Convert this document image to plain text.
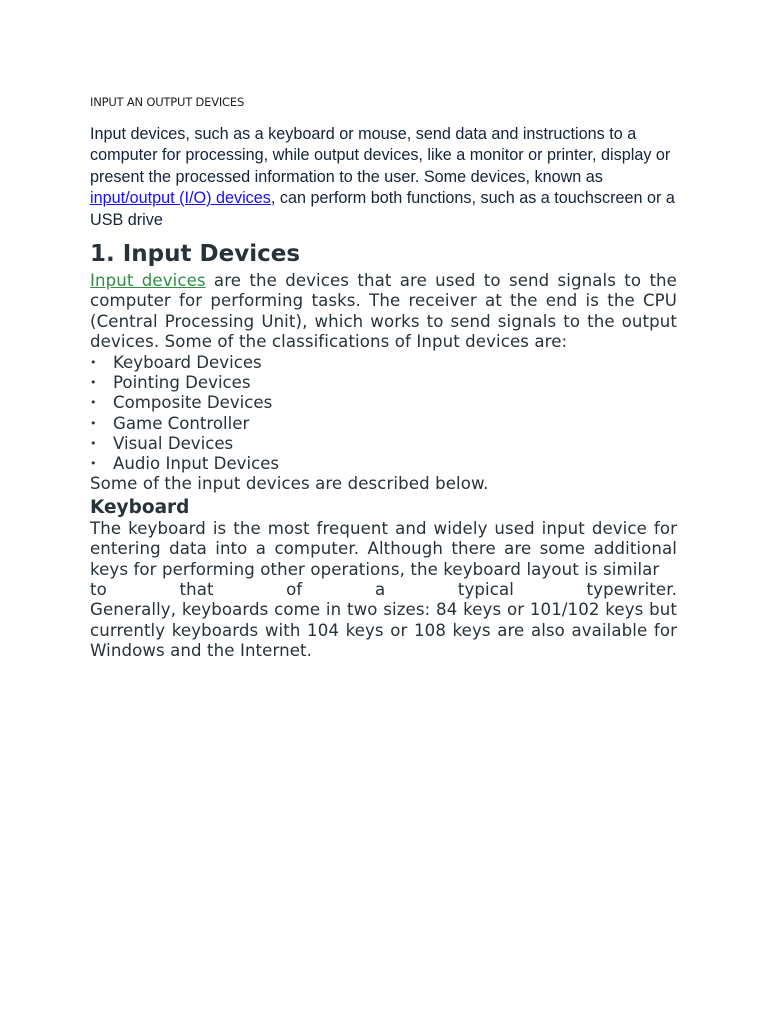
INPUT AN OUTPUT DEVICES

Input devices, such as a keyboard or mouse, send data and instructions to a computer for processing, while output devices, like a monitor or printer, display or present the processed information to the user. Some devices, known as input/output (I/O) devices, can perform both functions, such as a touchscreen or a USB drive

1. Input Devices

Input devices are the devices that are used to send signals to the computer for performing tasks. The receiver at the end is the CPU (Central Processing Unit), which works to send signals to the output devices. Some of the classifications of Input devices are:

• Keyboard Devices
• Pointing Devices
• Composite Devices
• Game Controller
• Visual Devices
• Audio Input Devices

Some of the input devices are described below.

Keyboard
The keyboard is the most frequent and widely used input device for entering data into a computer. Although there are some additional keys for performing other operations, the keyboard layout is similar
to that of a typical typewriter.
Generally, keyboards come in two sizes: 84 keys or 101/102 keys but currently keyboards with 104 keys or 108 keys are also available for Windows and the Internet.
